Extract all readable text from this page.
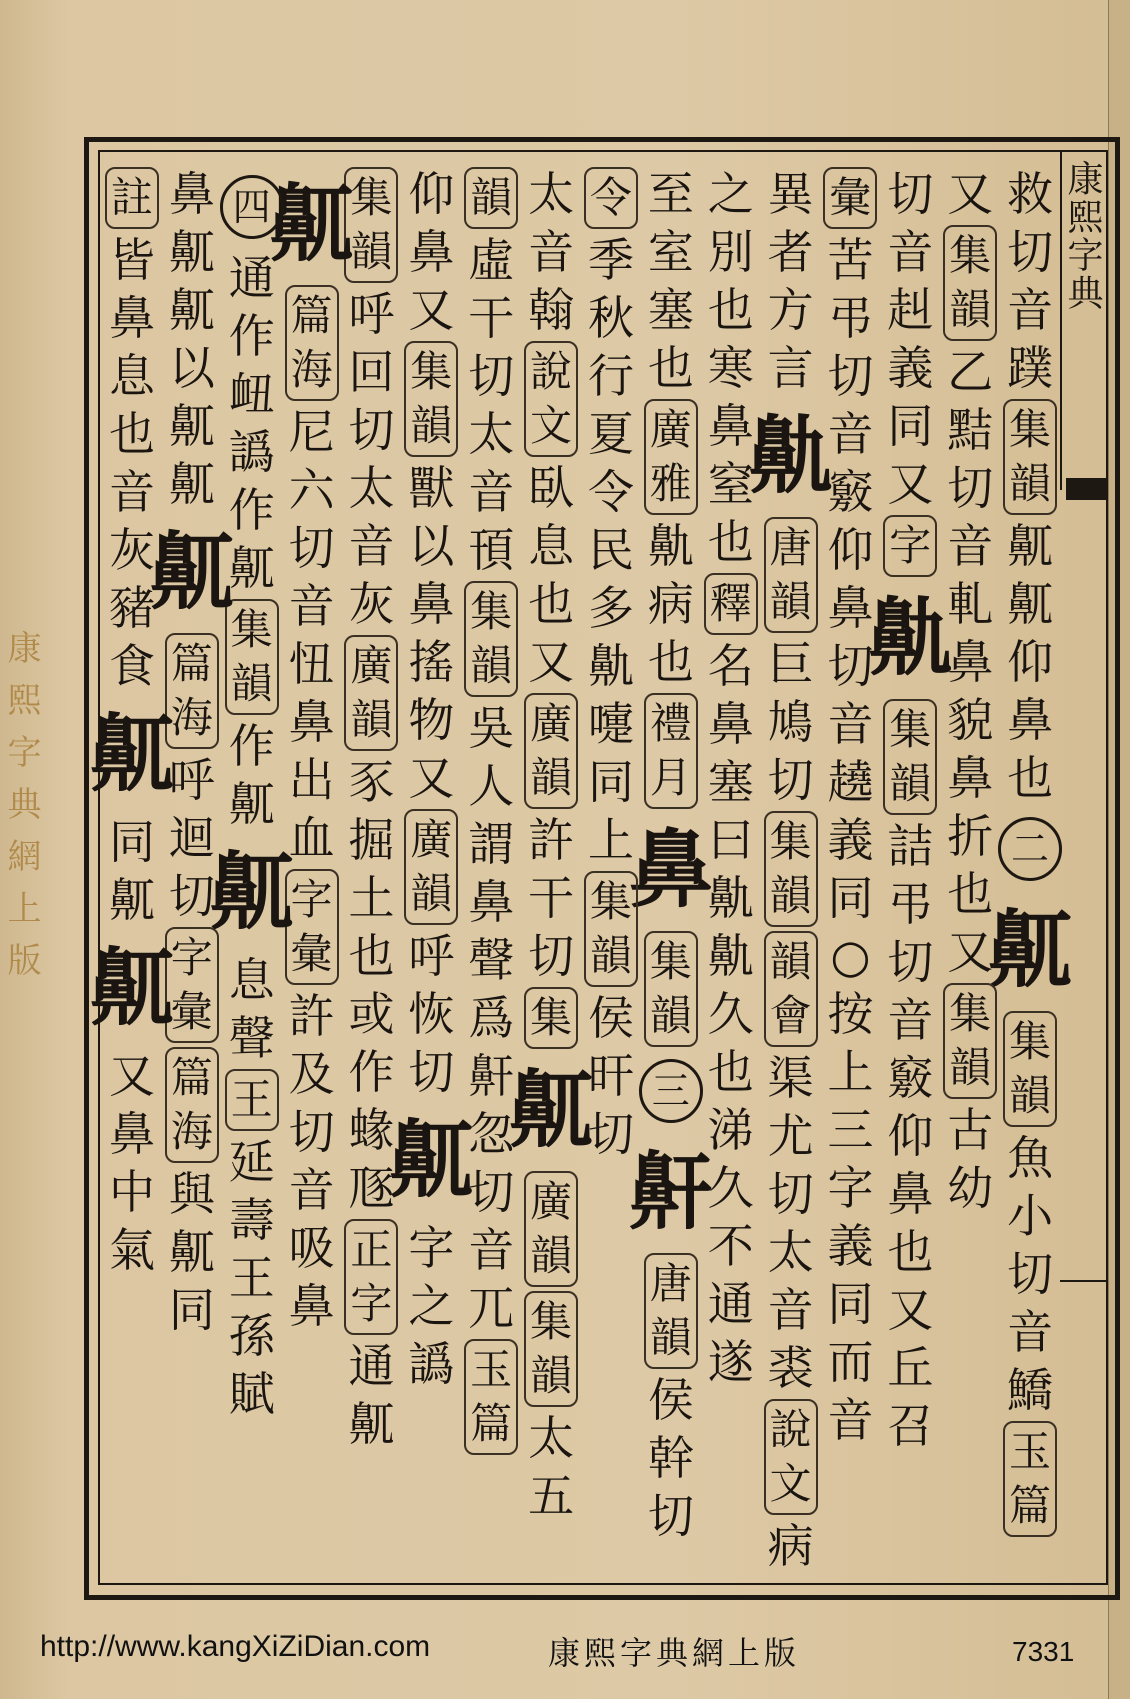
康熙字典
康熙字典網上版
救
切
音
蹼
集
韻
鼿
鼿
仰
鼻
也
二
鼿
集
韻
魚
小
切
音
鱎
玉
篇
又
集
韻
乙
黠
切
音
軋
鼻
貌
鼻
折
也
又
集
韻
古
幼
切
音
赳
義
同
又
字
鼽
集
韻
詰
弔
切
音
竅
仰
鼻
也
又
丘
召
彙
苦
弔
切
音
竅
仰
鼻
切
音
趬
義
同
○
按
上
三
字
義
同
而
音
異
者
方
言
鼽
唐
韻
巨
鳩
切
集
韻
韻
會
渠
尤
切
太
音
裘
說
文
病
之
別
也
寒
鼻
窒
也
釋
名
鼻
塞
曰
鼽
鼽
久
也
涕
久
不
通
遂
至
室
塞
也
廣
雅
鼽
病
也
禮
月
鼻
集
韻
三
鼾
唐
韻
侯
幹
切
令
季
秋
行
夏
令
民
多
鼽
嚏
同
上
集
韻
侯
旰
切
太
音
翰
說
文
臥
息
也
又
廣
韻
許
干
切
集
鼿
廣
韻
集
韻
太
五
韻
虛
干
切
太
音
頇
集
韻
吳
人
謂
鼻
聲
爲
鼾
忽
切
音
兀
玉
篇
仰
鼻
又
集
韻
獸
以
鼻
搖
物
又
廣
韻
呼
恢
切
鼿
字
之
譌
集
韻
呼
回
切
太
音
灰
廣
韻
豕
掘
土
也
或
作
蝝
豗
正
字
通
鼿
鼿
篇
海
尼
六
切
音
忸
鼻
出
血
字
彙
許
及
切
音
吸
鼻
四
通
作
衄
譌
作
鼿
集
韻
作
鼿
鼿
息
聲
王
延
壽
王
孫
賦
鼻
鼿
鼿
以
鼿
鼿
鼿
篇
海
呼
迴
切
字
彙
篇
海
與
鼿
同
註
皆
鼻
息
也
音
灰
豬
食
鼿
同
鼿
鼿
又
鼻
中
氣
http://www.kangXiZiDian.com	康熙字典網上版	7331
